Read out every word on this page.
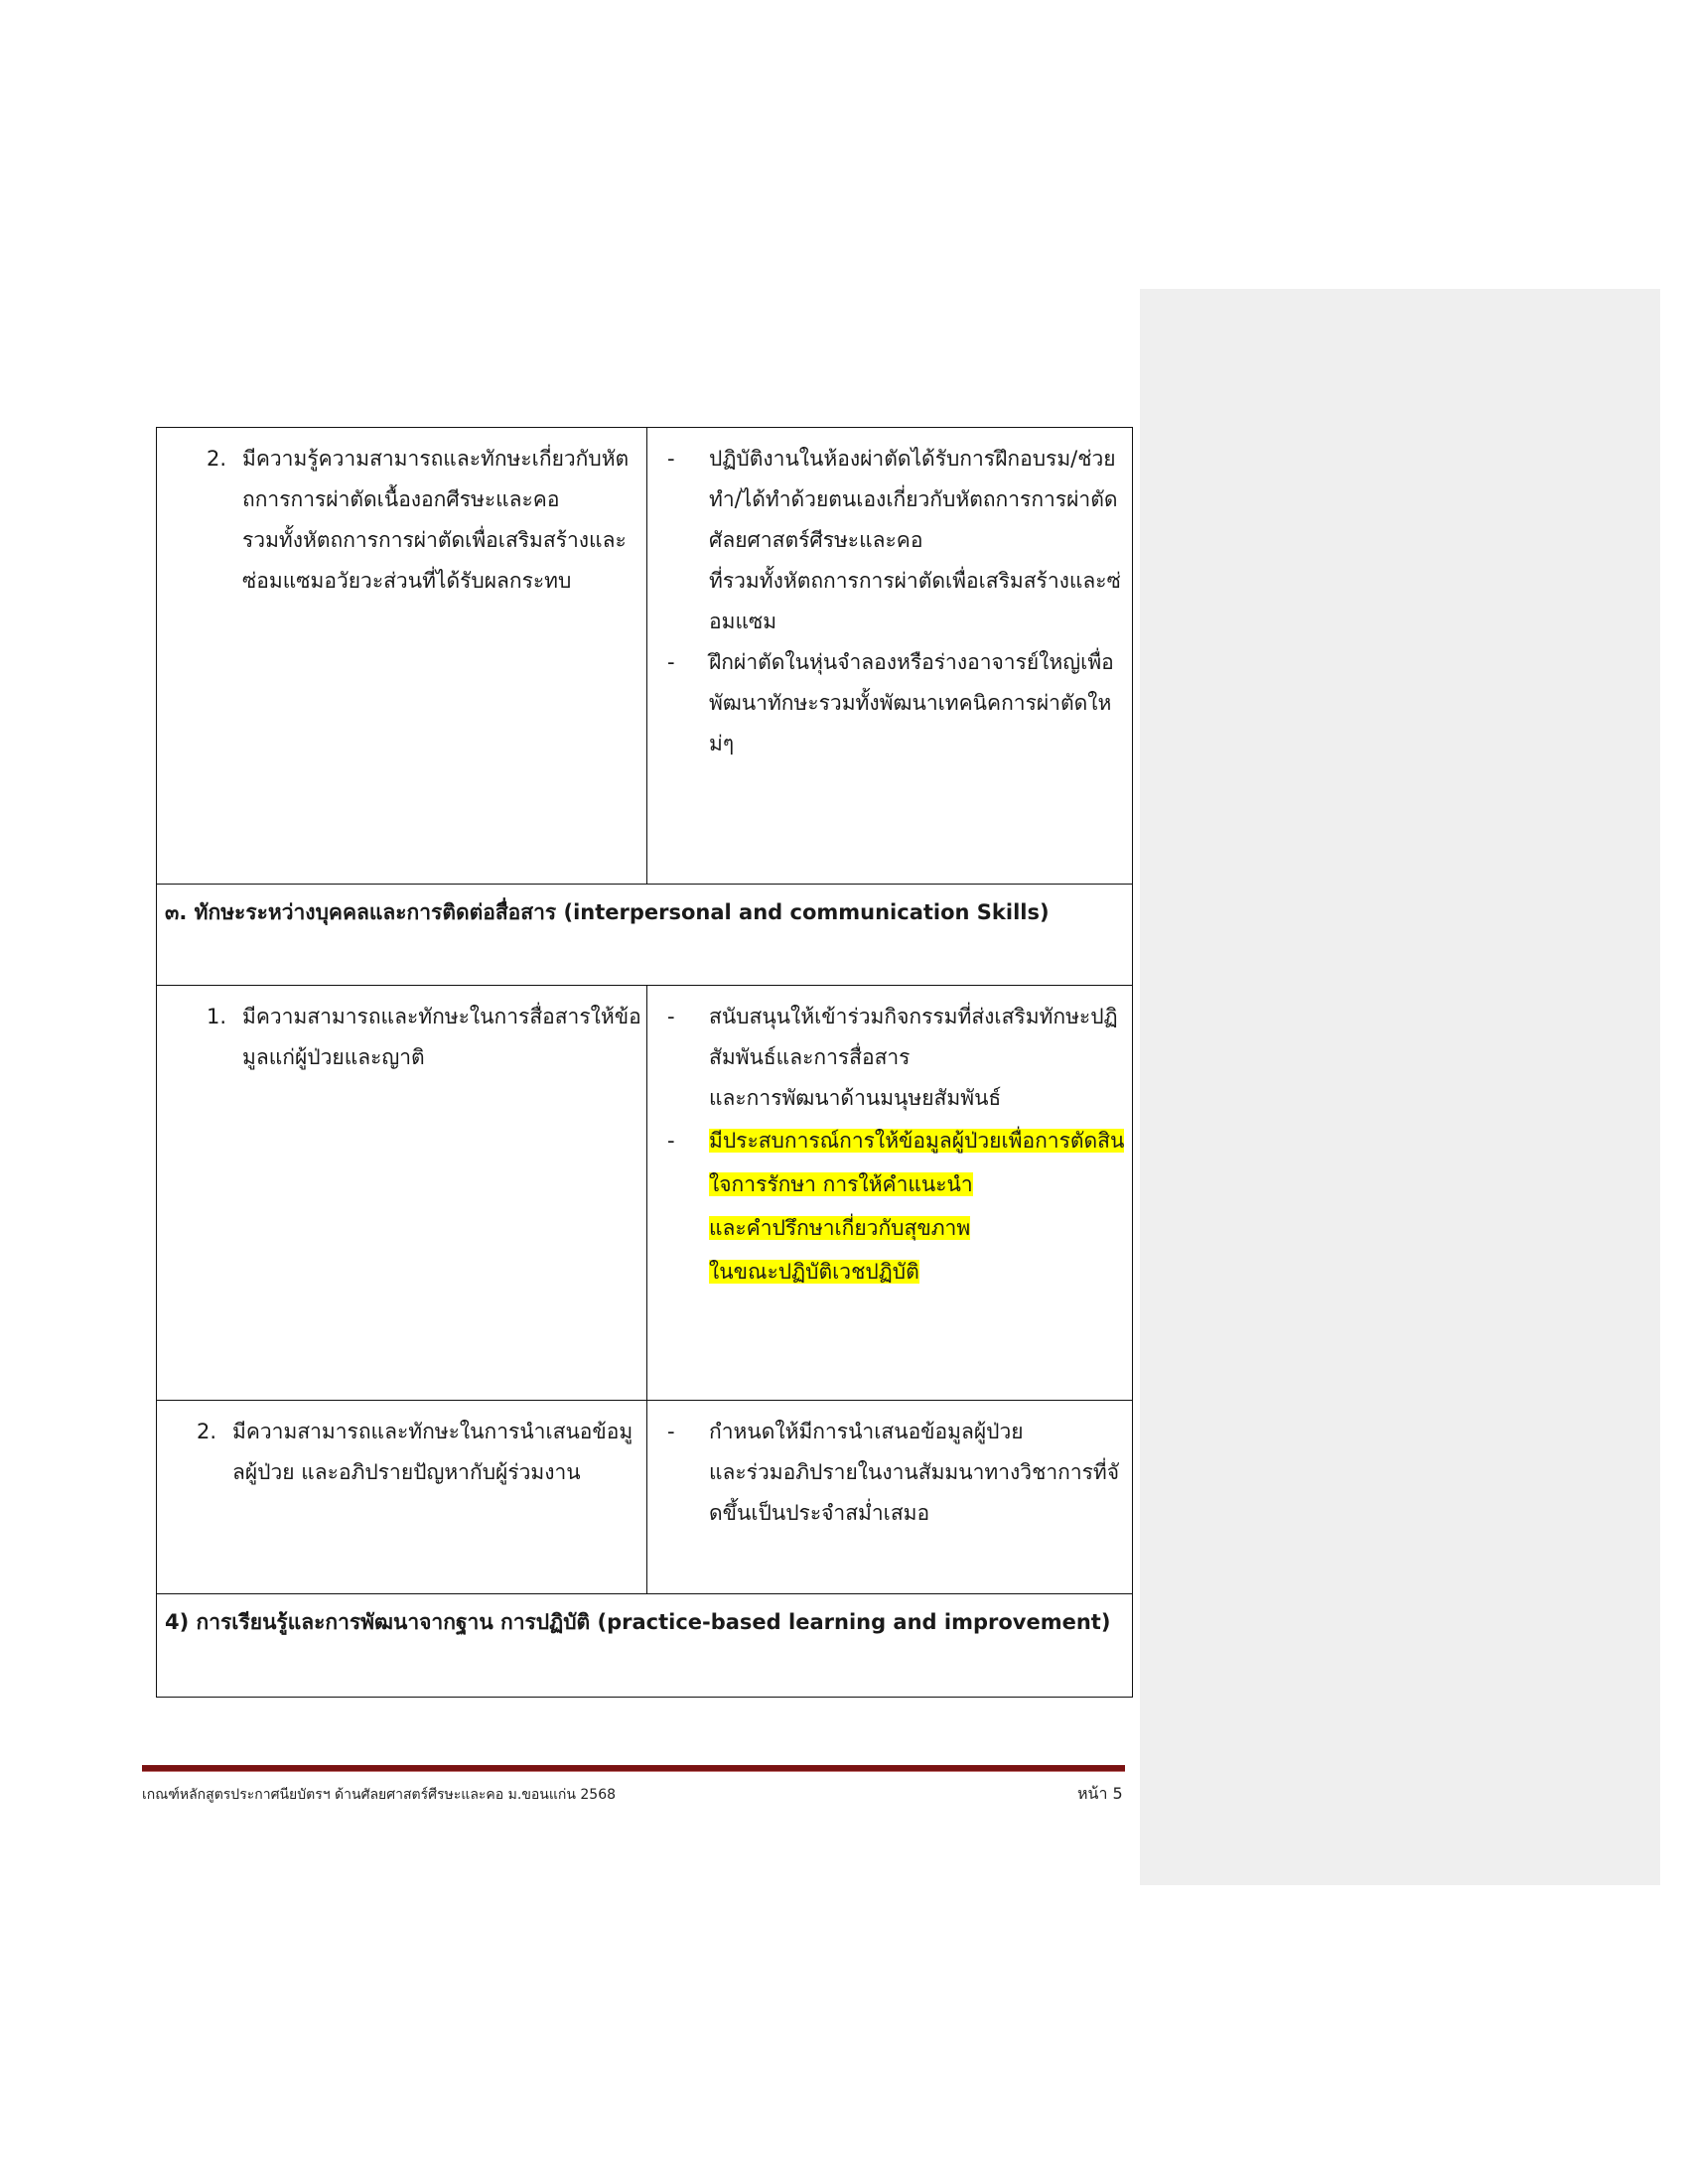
2. มีความรู้ความสามารถและทักษะเกี่ยวกับหัต
ถการการผ่าตัดเนื้องอกศีรษะและคอ
รวมทั้งหัตถการการผ่าตัดเพื่อเสริมสร้างและ
ซ่อมแซมอวัยวะส่วนที่ได้รับผลกระทบ
- ปฏิบัติงานในห้องผ่าตัดได้รับการฝึกอบรม/ช่วย
ทำ/ได้ทำด้วยตนเองเกี่ยวกับหัตถการการผ่าตัด
ศัลยศาสตร์ศีรษะและคอ
ที่รวมทั้งหัตถการการผ่าตัดเพื่อเสริมสร้างและซ่
อมแซม
- ฝึกผ่าตัดในหุ่นจำลองหรือร่างอาจารย์ใหญ่เพื่อ
พัฒนาทักษะรวมทั้งพัฒนาเทคนิคการผ่าตัดให
ม่ๆ
๓. ทักษะระหว่างบุคคลและการติดต่อสื่อสาร (interpersonal and communication Skills)
1. มีความสามารถและทักษะในการสื่อสารให้ข้อ
มูลแก่ผู้ป่วยและญาติ
- สนับสนุนให้เข้าร่วมกิจกรรมที่ส่งเสริมทักษะปฏิ
สัมพันธ์และการสื่อสาร
และการพัฒนาด้านมนุษยสัมพันธ์
- มีประสบการณ์การให้ข้อมูลผู้ป่วยเพื่อการตัดสิน
ใจการรักษา การให้คำแนะนำ
และคำปรึกษาเกี่ยวกับสุขภาพ
ในขณะปฏิบัติเวชปฏิบัติ
2. มีความสามารถและทักษะในการนำเสนอข้อมู
ลผู้ป่วย และอภิปรายปัญหากับผู้ร่วมงาน
- กำหนดให้มีการนำเสนอข้อมูลผู้ป่วย
และร่วมอภิปรายในงานสัมมนาทางวิชาการที่จั
ดขึ้นเป็นประจำสม่ำเสมอ
4) การเรียนรู้และการพัฒนาจากฐาน การปฏิบัติ (practice-based learning and improvement)
เกณฑ์หลักสูตรประกาศนียบัตรฯ ด้านศัลยศาสตร์ศีรษะและคอ ม.ขอนแก่น 2568	หน้า 5
